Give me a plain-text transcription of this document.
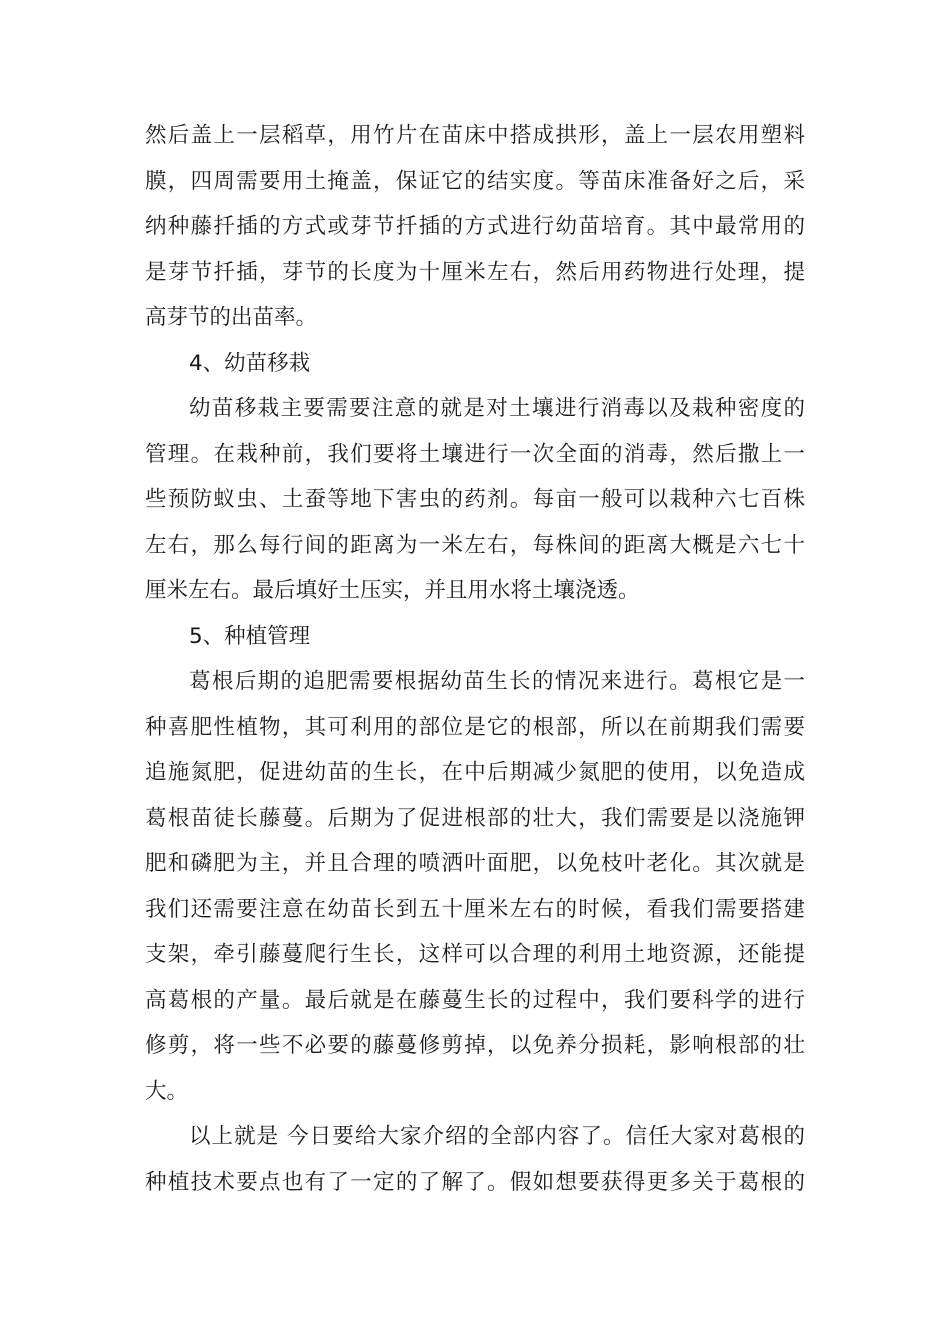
然后盖上一层稻草，用竹片在苗床中搭成拱形，盖上一层农用塑料
膜，四周需要用土掩盖，保证它的结实度。等苗床准备好之后，采
纳种藤扦插的方式或芽节扦插的方式进行幼苗培育。其中最常用的
是芽节扦插，芽节的长度为十厘米左右，然后用药物进行处理，提
高芽节的出苗率。
4、幼苗移栽
幼苗移栽主要需要注意的就是对土壤进行消毒以及栽种密度的
管理。在栽种前，我们要将土壤进行一次全面的消毒，然后撒上一
些预防蚁虫、土蚕等地下害虫的药剂。每亩一般可以栽种六七百株
左右，那么每行间的距离为一米左右，每株间的距离大概是六七十
厘米左右。最后填好土压实，并且用水将土壤浇透。
5、种植管理
葛根后期的追肥需要根据幼苗生长的情况来进行。葛根它是一
种喜肥性植物，其可利用的部位是它的根部，所以在前期我们需要
追施氮肥，促进幼苗的生长，在中后期减少氮肥的使用，以免造成
葛根苗徒长藤蔓。后期为了促进根部的壮大，我们需要是以浇施钾
肥和磷肥为主，并且合理的喷洒叶面肥，以免枝叶老化。其次就是
我们还需要注意在幼苗长到五十厘米左右的时候，看我们需要搭建
支架，牵引藤蔓爬行生长，这样可以合理的利用土地资源，还能提
高葛根的产量。最后就是在藤蔓生长的过程中，我们要科学的进行
修剪，将一些不必要的藤蔓修剪掉，以免养分损耗，影响根部的壮
大。
以上就是 今日要给大家介绍的全部内容了。信任大家对葛根的
种植技术要点也有了一定的了解了。假如想要获得更多关于葛根的
